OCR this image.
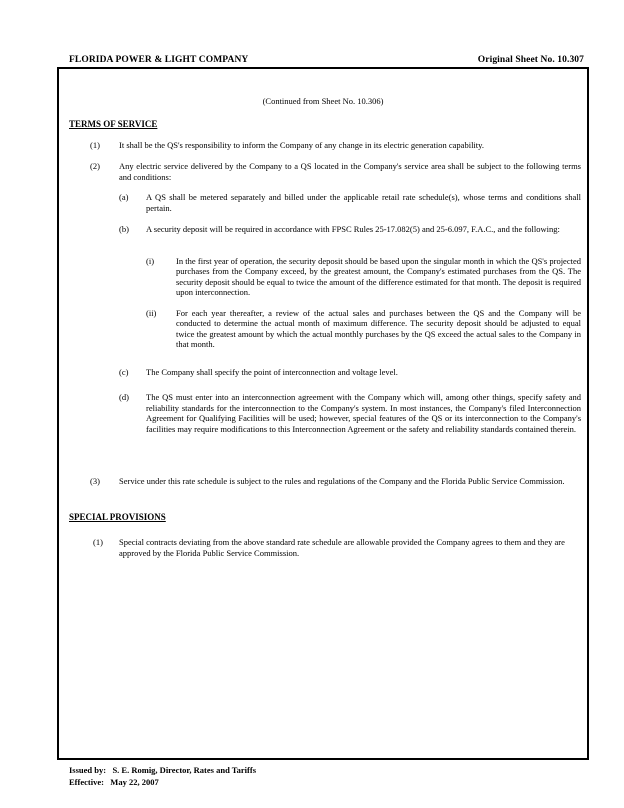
FLORIDA POWER & LIGHT COMPANY	Original Sheet No. 10.307
(Continued from Sheet No. 10.306)
TERMS OF SERVICE
(1) It shall be the QS's responsibility to inform the Company of any change in its electric generation capability.
(2) Any electric service delivered by the Company to a QS located in the Company's service area shall be subject to the following terms and conditions:
(a) A QS shall be metered separately and billed under the applicable retail rate schedule(s), whose terms and conditions shall pertain.
(b) A security deposit will be required in accordance with FPSC Rules 25-17.082(5) and 25-6.097, F.A.C., and the following:
(i)	In the first year of operation, the security deposit should be based upon the singular month in which the QS's projected purchases from the Company exceed, by the greatest amount, the Company's estimated purchases from the QS. The security deposit should be equal to twice the amount of the difference estimated for that month. The deposit is required upon interconnection.
(ii) For each year thereafter, a review of the actual sales and purchases between the QS and the Company will be conducted to determine the actual month of maximum difference. The security deposit should be adjusted to equal twice the greatest amount by which the actual monthly purchases by the QS exceed the actual sales to the Company in that month.
(c) The Company shall specify the point of interconnection and voltage level.
(d) The QS must enter into an interconnection agreement with the Company which will, among other things, specify safety and reliability standards for the interconnection to the Company's system. In most instances, the Company's filed Interconnection Agreement for Qualifying Facilities will be used; however, special features of the QS or its interconnection to the Company's facilities may require modifications to this Interconnection Agreement or the safety and reliability standards contained therein.
(3) Service under this rate schedule is subject to the rules and regulations of the Company and the Florida Public Service Commission.
SPECIAL PROVISIONS
(1) Special contracts deviating from the above standard rate schedule are allowable provided the Company agrees to them and they are approved by the Florida Public Service Commission.
Issued by:   S. E. Romig, Director, Rates and Tariffs
Effective:   May 22, 2007
